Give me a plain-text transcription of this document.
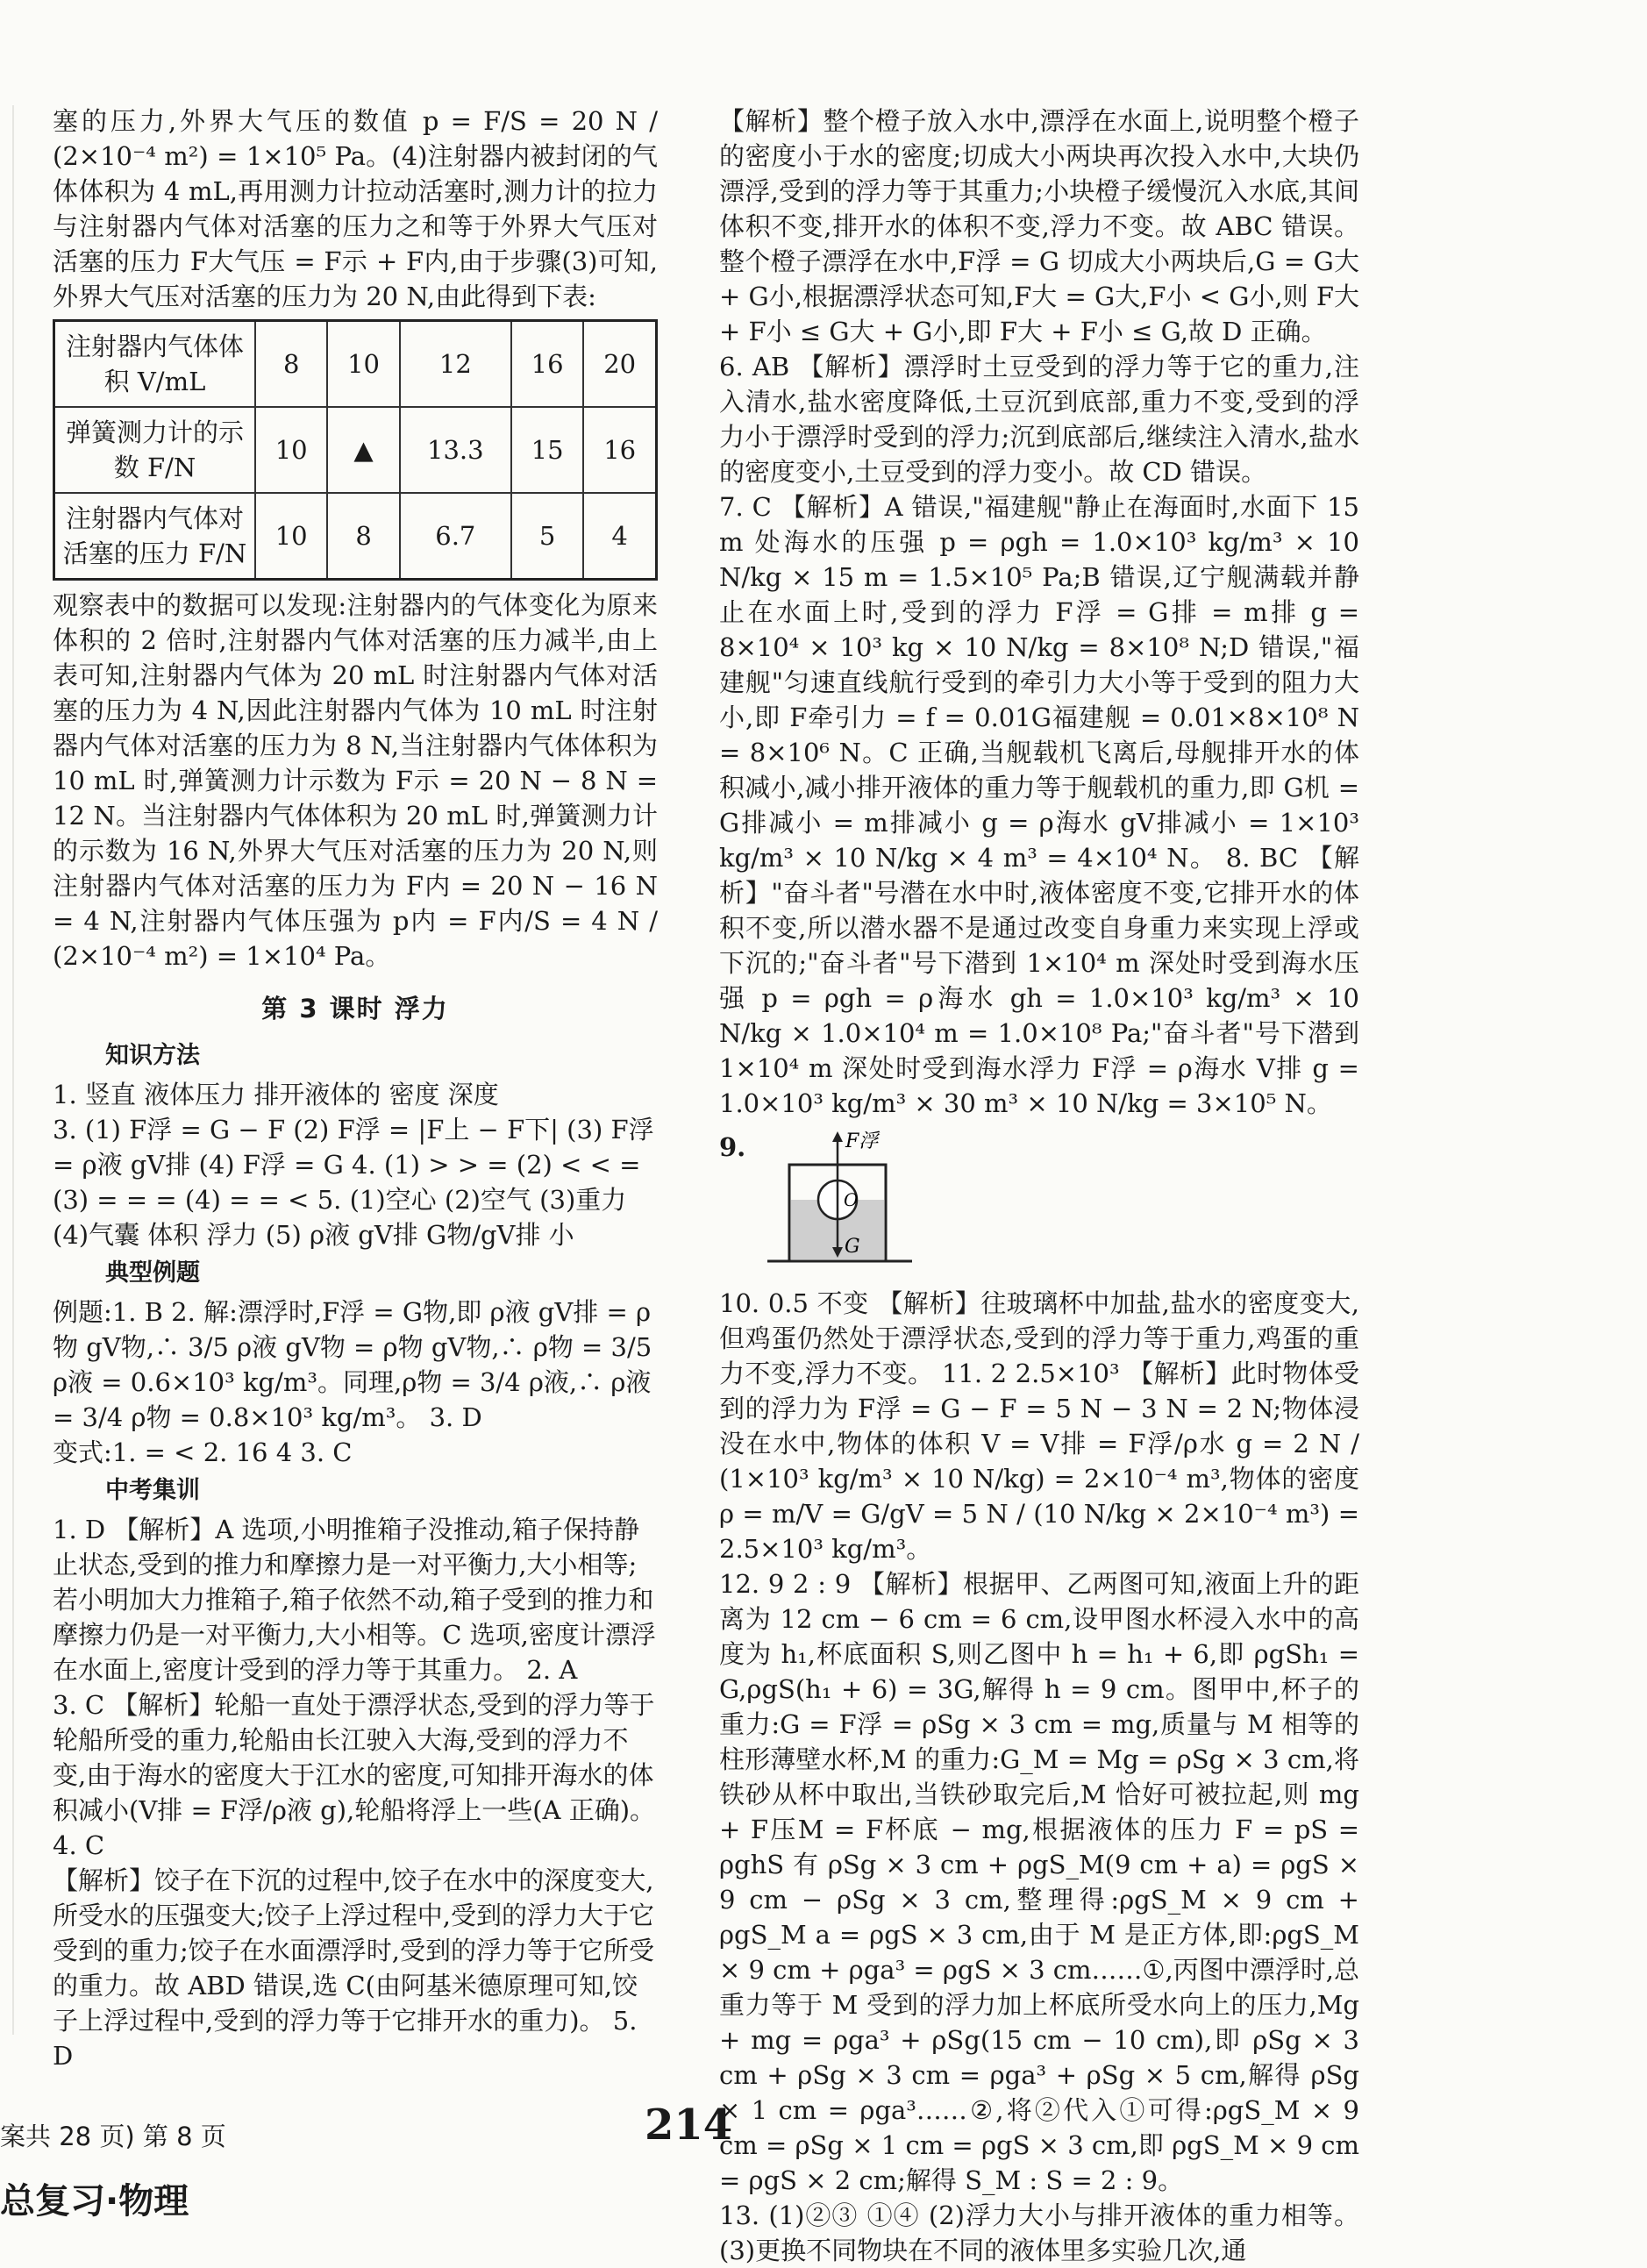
塞的压力,外界大气压的数值 p = F/S = 20 N / (2×10⁻⁴ m²) = 1×10⁵ Pa。(4)注射器内被封闭的气体体积为 4 mL,再用测力计拉动活塞时,测力计的拉力与注射器内气体对活塞的压力之和等于外界大气压对活塞的压力 F大气压 = F示 + F内,由于步骤(3)可知,外界大气压对活塞的压力为 20 N,由此得到下表:

注射器内气体体积 V/mL	8	10	12	16	20
弹簧测力计的示数 F/N	10	▲	13.3	15	16
注射器内气体对活塞的压力 F/N	10	8	6.7	5	4

观察表中的数据可以发现:注射器内的气体变化为原来体积的 2 倍时,注射器内气体对活塞的压力减半,由上表可知,注射器内气体为 20 mL 时注射器内气体对活塞的压力为 4 N,因此注射器内气体为 10 mL 时注射器内气体对活塞的压力为 8 N,当注射器内气体体积为 10 mL 时,弹簧测力计示数为 F示 = 20 N − 8 N = 12 N。当注射器内气体体积为 20 mL 时,弹簧测力计的示数为 16 N,外界大气压对活塞的压力为 20 N,则注射器内气体对活塞的压力为 F内 = 20 N − 16 N = 4 N,注射器内气体压强为 p内 = F内/S = 4 N / (2×10⁻⁴ m²) = 1×10⁴ Pa。

第 3 课时 浮力
知识方法

1. 竖直 液体压力 排开液体的 密度 深度

3. (1) F浮 = G − F (2) F浮 = |F上 − F下| (3) F浮 = ρ液 gV排 (4) F浮 = G 4. (1) > > = (2) < < = (3) = = = (4) = = < 5. (1)空心 (2)空气 (3)重力 (4)气囊 体积 浮力 (5) ρ液 gV排 G物/gV排 小

典型例题

例题:1. B 2. 解:漂浮时,F浮 = G物,即 ρ液 gV排 = ρ物 gV物,∴ 3/5 ρ液 gV物 = ρ物 gV物,∴ ρ物 = 3/5 ρ液 = 0.6×10³ kg/m³。同理,ρ物 = 3/4 ρ液,∴ ρ液 = 3/4 ρ物 = 0.8×10³ kg/m³。 3. D

变式:1. = < 2. 16 4 3. C

中考集训

1. D 【解析】A 选项,小明推箱子没推动,箱子保持静止状态,受到的推力和摩擦力是一对平衡力,大小相等;若小明加大力推箱子,箱子依然不动,箱子受到的推力和摩擦力仍是一对平衡力,大小相等。C 选项,密度计漂浮在水面上,密度计受到的浮力等于其重力。 2. A

3. C 【解析】轮船一直处于漂浮状态,受到的浮力等于轮船所受的重力,轮船由长江驶入大海,受到的浮力不变,由于海水的密度大于江水的密度,可知排开海水的体积减小(V排 = F浮/ρ液 g),轮船将浮上一些(A 正确)。 4. C

【解析】饺子在下沉的过程中,饺子在水中的深度变大,所受水的压强变大;饺子上浮过程中,受到的浮力大于它受到的重力;饺子在水面漂浮时,受到的浮力等于它所受的重力。故 ABD 错误,选 C(由阿基米德原理可知,饺子上浮过程中,受到的浮力等于它排开水的重力)。 5. D

【解析】整个橙子放入水中,漂浮在水面上,说明整个橙子的密度小于水的密度;切成大小两块再次投入水中,大块仍漂浮,受到的浮力等于其重力;小块橙子缓慢沉入水底,其间体积不变,排开水的体积不变,浮力不变。故 ABC 错误。整个橙子漂浮在水中,F浮 = G 切成大小两块后,G = G大 + G小,根据漂浮状态可知,F大 = G大,F小 < G小,则 F大 + F小 ≤ G大 + G小,即 F大 + F小 ≤ G,故 D 正确。

6. AB 【解析】漂浮时土豆受到的浮力等于它的重力,注入清水,盐水密度降低,土豆沉到底部,重力不变,受到的浮力小于漂浮时受到的浮力;沉到底部后,继续注入清水,盐水的密度变小,土豆受到的浮力变小。故 CD 错误。

7. C 【解析】A 错误,"福建舰"静止在海面时,水面下 15 m 处海水的压强 p = ρgh = 1.0×10³ kg/m³ × 10 N/kg × 15 m = 1.5×10⁵ Pa;B 错误,辽宁舰满载并静止在水面上时,受到的浮力 F浮 = G排 = m排 g = 8×10⁴ × 10³ kg × 10 N/kg = 8×10⁸ N;D 错误,"福建舰"匀速直线航行受到的牵引力大小等于受到的阻力大小,即 F牵引力 = f = 0.01G福建舰 = 0.01×8×10⁸ N = 8×10⁶ N。C 正确,当舰载机飞离后,母舰排开水的体积减小,减小排开液体的重力等于舰载机的重力,即 G机 = G排减小 = m排减小 g = ρ海水 gV排减小 = 1×10³ kg/m³ × 10 N/kg × 4 m³ = 4×10⁴ N。 8. BC 【解析】"奋斗者"号潜在水中时,液体密度不变,它排开水的体积不变,所以潜水器不是通过改变自身重力来实现上浮或下沉的;"奋斗者"号下潜到 1×10⁴ m 深处时受到海水压强 p = ρgh = ρ海水 gh = 1.0×10³ kg/m³ × 10 N/kg × 1.0×10⁴ m = 1.0×10⁸ Pa;"奋斗者"号下潜到 1×10⁴ m 深处时受到海水浮力 F浮 = ρ海水 V排 g = 1.0×10³ kg/m³ × 30 m³ × 10 N/kg = 3×10⁵ N。

9.	F浮
O
G

10. 0.5 不变 【解析】往玻璃杯中加盐,盐水的密度变大,但鸡蛋仍然处于漂浮状态,受到的浮力等于重力,鸡蛋的重力不变,浮力不变。 11. 2 2.5×10³ 【解析】此时物体受到的浮力为 F浮 = G − F = 5 N − 3 N = 2 N;物体浸没在水中,物体的体积 V = V排 = F浮/ρ水 g = 2 N / (1×10³ kg/m³ × 10 N/kg) = 2×10⁻⁴ m³,物体的密度 ρ = m/V = G/gV = 5 N / (10 N/kg × 2×10⁻⁴ m³) = 2.5×10³ kg/m³。

12. 9 2 : 9 【解析】根据甲、乙两图可知,液面上升的距离为 12 cm − 6 cm = 6 cm,设甲图水杯浸入水中的高度为 h₁,杯底面积 S,则乙图中 h = h₁ + 6,即 ρgSh₁ = G,ρgS(h₁ + 6) = 3G,解得 h = 9 cm。图甲中,杯子的重力:G = F浮 = ρSg × 3 cm = mg,质量与 M 相等的柱形薄壁水杯,M 的重力:G_M = Mg = ρSg × 3 cm,将铁砂从杯中取出,当铁砂取完后,M 恰好可被拉起,则 mg + F压M = F杯底 − mg,根据液体的压力 F = pS = ρghS 有 ρSg × 3 cm + ρgS_M(9 cm + a) = ρgS × 9 cm − ρSg × 3 cm,整理得:ρgS_M × 9 cm + ρgS_M a = ρgS × 3 cm,由于 M 是正方体,即:ρgS_M × 9 cm + ρga³ = ρgS × 3 cm……①,丙图中漂浮时,总重力等于 M 受到的浮力加上杯底所受水向上的压力,Mg + mg = ρga³ + ρSg(15 cm − 10 cm),即 ρSg × 3 cm + ρSg × 3 cm = ρga³ + ρSg × 5 cm,解得 ρSg × 1 cm = ρga³……②,将②代入①可得:ρgS_M × 9 cm = ρSg × 1 cm = ρgS × 3 cm,即 ρgS_M × 9 cm = ρgS × 2 cm;解得 S_M : S = 2 : 9。

13. (1)②③ ①④ (2)浮力大小与排开液体的重力相等。 (3)更换不同物块在不同的液体里多实验几次,通

案共 28 页) 第 8 页	214
总复习·物理
